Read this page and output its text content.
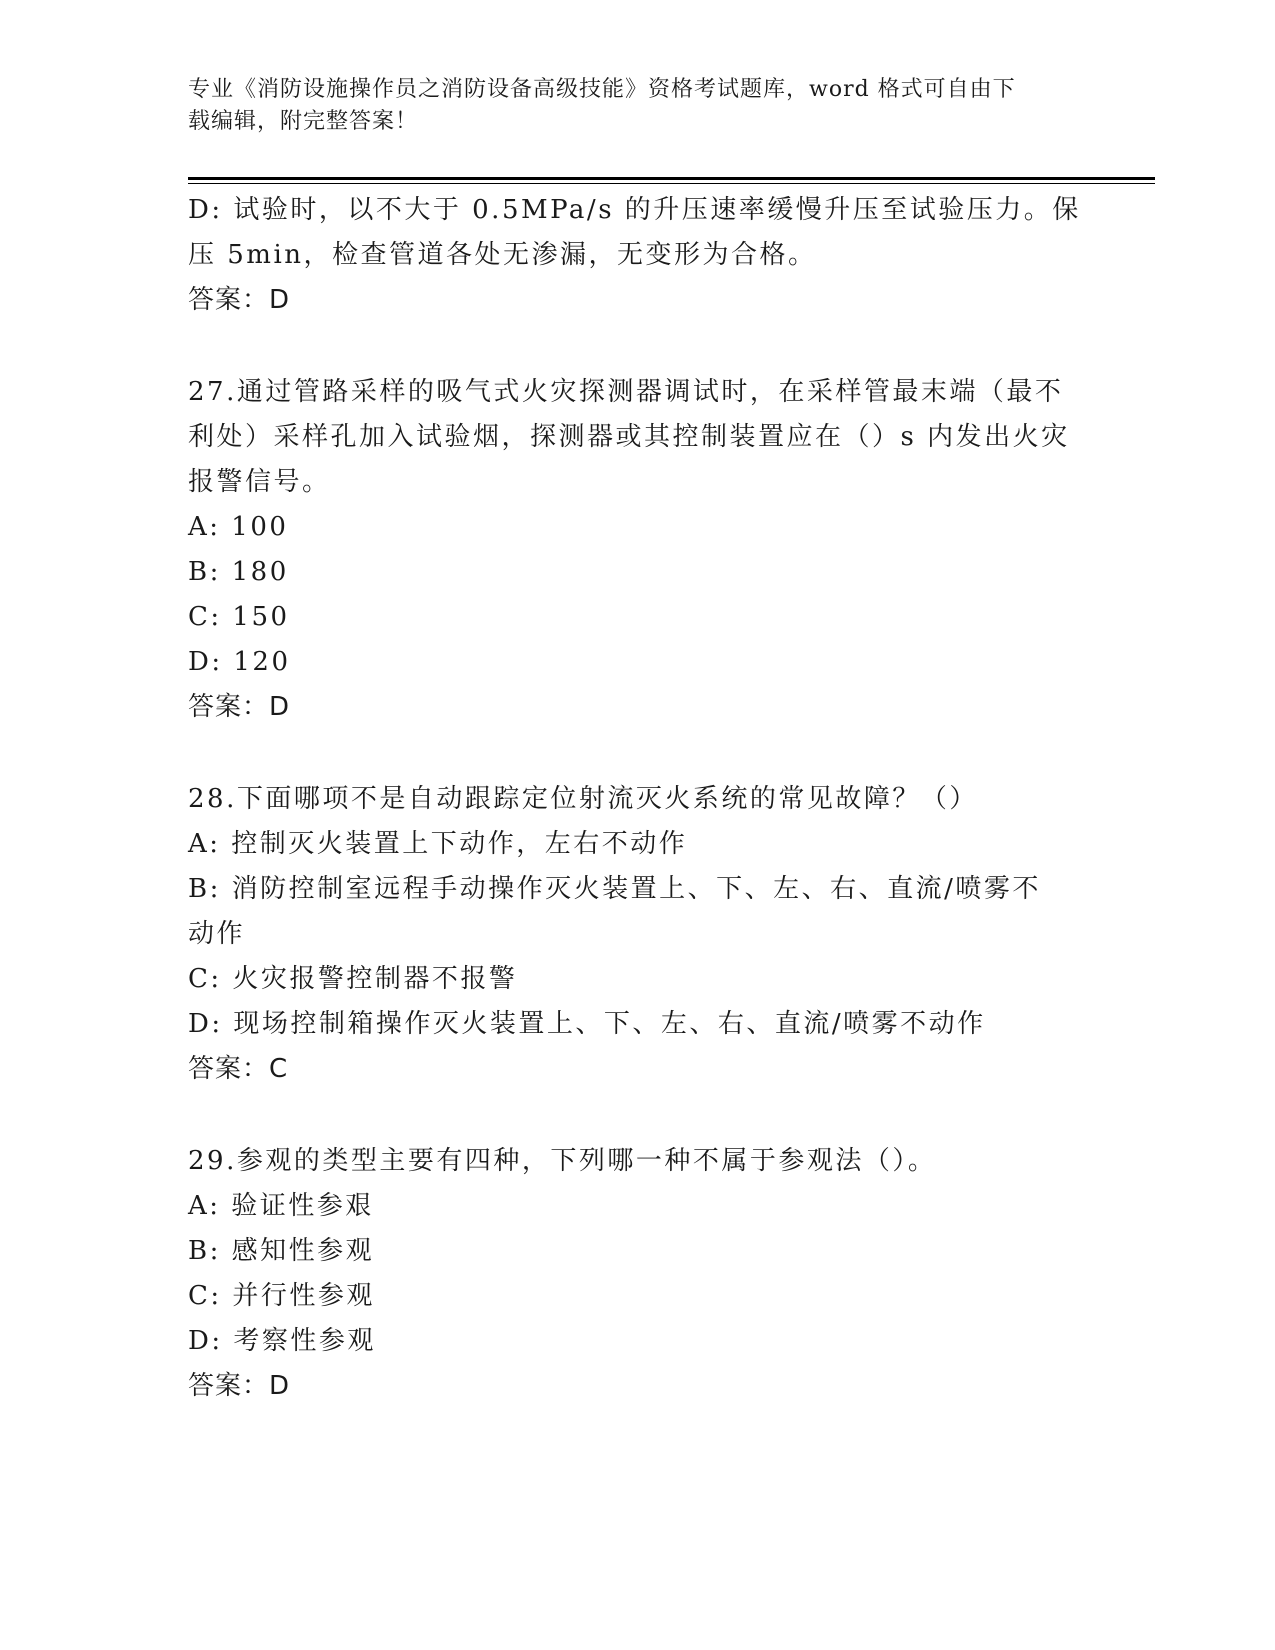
专业《消防设施操作员之消防设备高级技能》资格考试题库，word 格式可自由下
载编辑，附完整答案！
D: 试验时，以不大于 0.5MPa/s 的升压速率缓慢升压至试验压力。保
压 5min，检查管道各处无渗漏，无变形为合格。
答案：D
27.通过管路采样的吸气式火灾探测器调试时，在采样管最末端（最不
利处）采样孔加入试验烟，探测器或其控制装置应在（）s 内发出火灾
报警信号。
A: 100
B: 180
C: 150
D: 120
答案：D
28.下面哪项不是自动跟踪定位射流灭火系统的常见故障？（）
A: 控制灭火装置上下动作，左右不动作
B: 消防控制室远程手动操作灭火装置上、下、左、右、直流/喷雾不
动作
C: 火灾报警控制器不报警
D: 现场控制箱操作灭火装置上、下、左、右、直流/喷雾不动作
答案：C
29.参观的类型主要有四种，下列哪一种不属于参观法（）。
A: 验证性参艰
B: 感知性参观
C: 并行性参观
D: 考察性参观
答案：D
